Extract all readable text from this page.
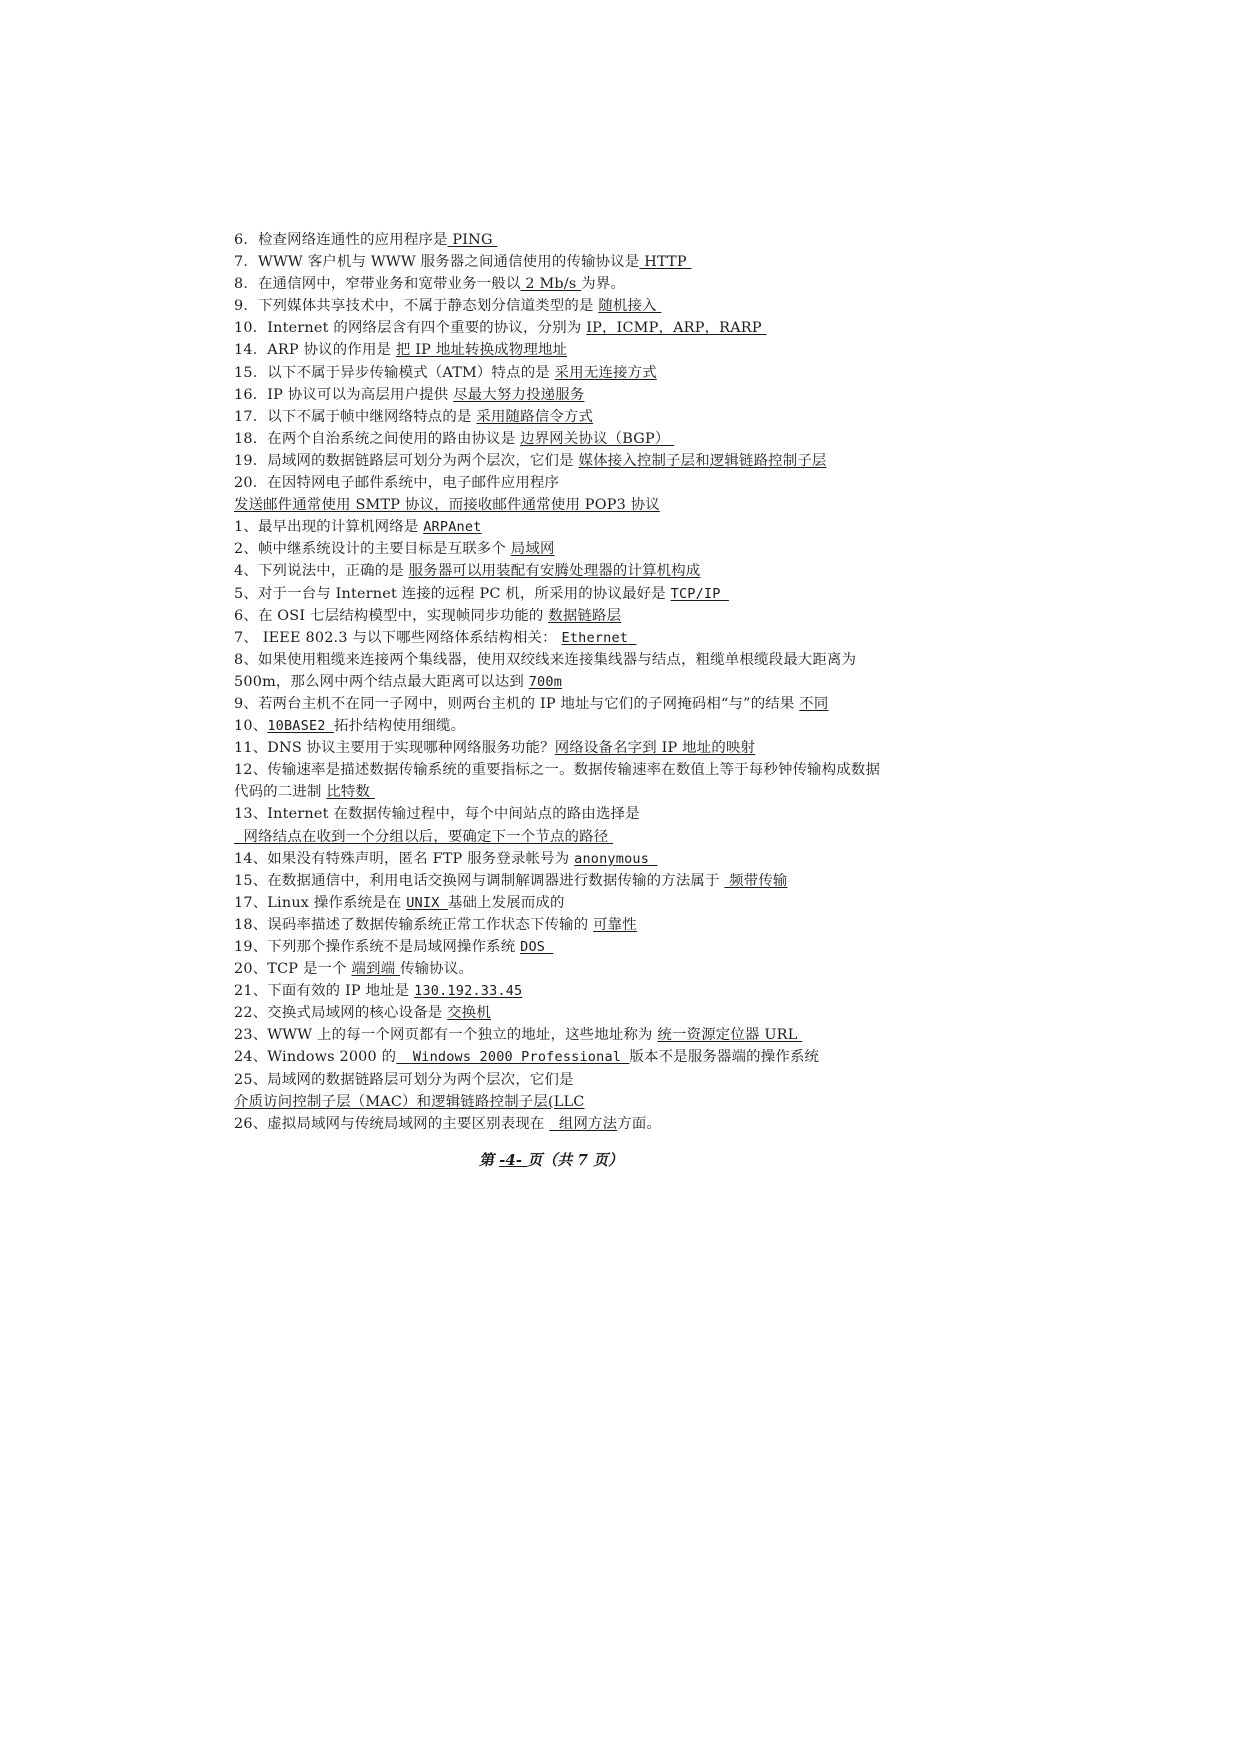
6．检查网络连通性的应用程序是 PING
7．WWW 客户机与 WWW 服务器之间通信使用的传输协议是 HTTP
8．在通信网中，窄带业务和宽带业务一般以 2 Mb/s 为界。
9．下列媒体共享技术中，不属于静态划分信道类型的是 随机接入
10．Internet 的网络层含有四个重要的协议，分别为 IP，ICMP，ARP，RARP
14．ARP 协议的作用是 把 IP 地址转换成物理地址
15．以下不属于异步传输模式（ATM）特点的是 采用无连接方式
16．IP 协议可以为高层用户提供 尽最大努力投递服务
17．以下不属于帧中继网络特点的是 采用随路信令方式
18．在两个自治系统之间使用的路由协议是 边界网关协议（BGP）
19．局域网的数据链路层可划分为两个层次，它们是 媒体接入控制子层和逻辑链路控制子层
20．在因特网电子邮件系统中，电子邮件应用程序发送邮件通常使用 SMTP 协议，而接收邮件通常使用 POP3 协议
1、最早出现的计算机网络是 ARPAnet
2、帧中继系统设计的主要目标是互联多个 局域网
4、下列说法中，正确的是 服务器可以用装配有安腾处理器的计算机构成
5、对于一台与 Internet 连接的远程 PC 机，所采用的协议最好是 TCP/IP
6、在 OSI 七层结构模型中，实现帧同步功能的 数据链路层
7、 IEEE 802.3 与以下哪些网络体系结构相关： Ethernet
8、如果使用粗缆来连接两个集线器，使用双绞线来连接集线器与结点，粗缆单根缆段最大距离为 500m，那么网中两个结点最大距离可以达到 700m
9、若两台主机不在同一子网中，则两台主机的 IP 地址与它们的子网掩码相“与”的结果 不同
10、10BASE2 拓扑结构使用细缆。
11、DNS 协议主要用于实现哪种网络服务功能？网络设备名字到 IP 地址的映射
12、传输速率是描述数据传输系统的重要指标之一。数据传输速率在数值上等于每秒钟传输构成数据代码的二进制 比特数
13、Internet 在数据传输过程中，每个中间站点的路由选择是   网络结点在收到一个分组以后，要确定下一个节点的路径
14、如果没有特殊声明，匿名 FTP 服务登录帐号为 anonymous
15、在数据通信中，利用电话交换网与调制解调器进行数据传输的方法属于  频带传输
17、Linux 操作系统是在 UNIX 基础上发展而成的
18、误码率描述了数据传输系统正常工作状态下传输的 可靠性
19、下列那个操作系统不是局域网操作系统 DOS
20、TCP 是一个 端到端 传输协议。
21、下面有效的 IP 地址是 130.192.33.45
22、交换式局域网的核心设备是 交换机
23、WWW 上的每一个网页都有一个独立的地址，这些地址称为 统一资源定位器 URL
24、Windows 2000 的  Windows 2000 Professional 版本不是服务器端的操作系统
25、局域网的数据链路层可划分为两个层次，它们是 介质访问控制子层（MAC）和逻辑链路控制子层(LLC
26、虚拟局域网与传统局域网的主要区别表现在   组网方法方面。
第 -4- 页（共 7 页）
